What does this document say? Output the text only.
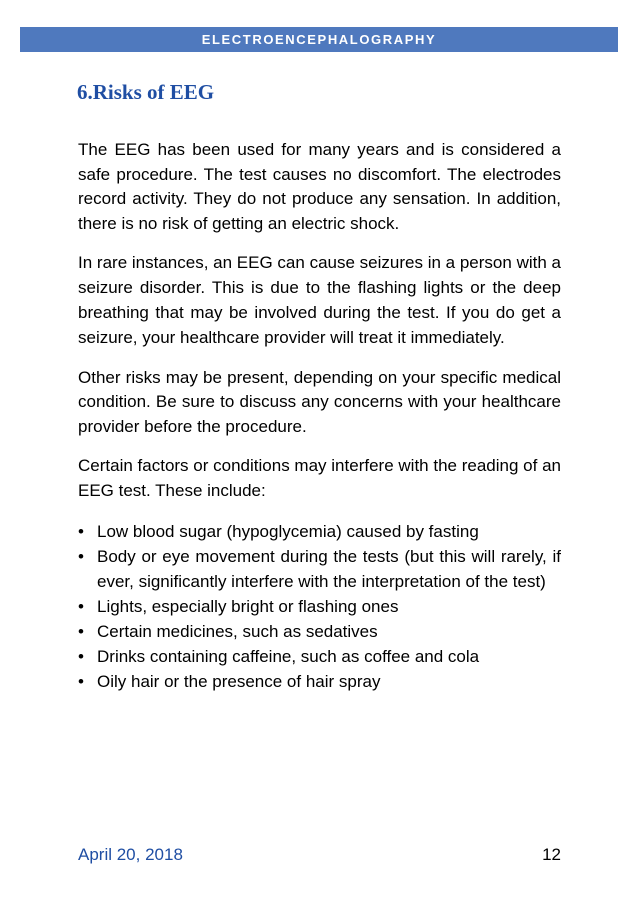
ELECTROENCEPHALOGRAPHY
6.Risks of EEG

The EEG has been used for many years and is considered a safe procedure. The test causes no discomfort. The electrodes record activity. They do not produce any sensation. In addition, there is no risk of getting an electric shock.

In rare instances, an EEG can cause seizures in a person with a seizure disorder. This is due to the flashing lights or the deep breathing that may be involved during the test. If you do get a seizure, your healthcare provider will treat it immediately.

Other risks may be present, depending on your specific medical condition. Be sure to discuss any concerns with your healthcare provider before the procedure.

Certain factors or conditions may interfere with the reading of an EEG test. These include:

• Low blood sugar (hypoglycemia) caused by fasting
• Body or eye movement during the tests (but this will rarely, if ever, significantly interfere with the interpretation of the test)
• Lights, especially bright or flashing ones
• Certain medicines, such as sedatives
• Drinks containing caffeine, such as coffee and cola
• Oily hair or the presence of hair spray
April 20, 2018	12
